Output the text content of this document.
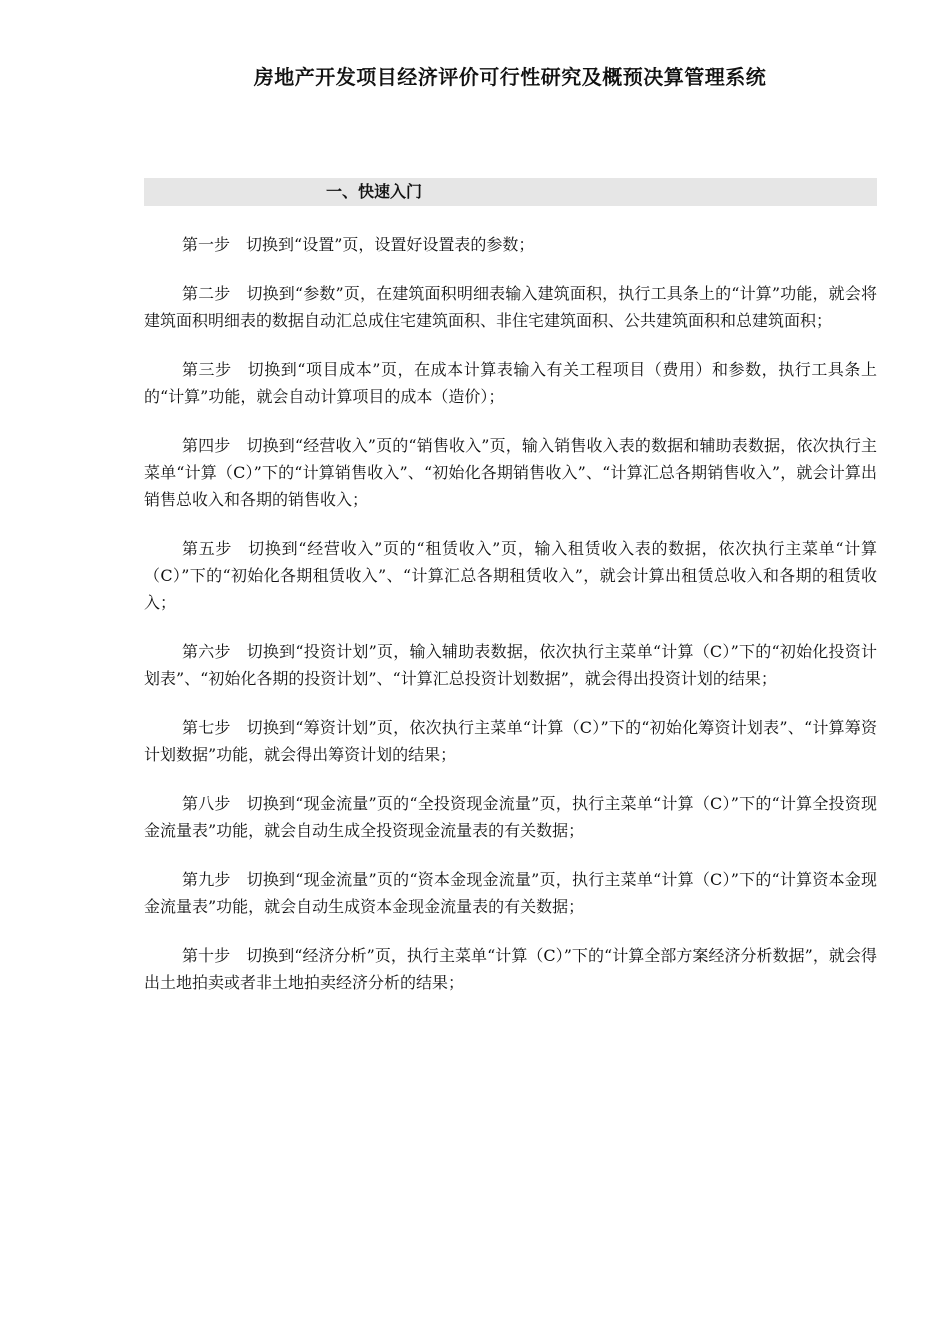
房地产开发项目经济评价可行性研究及概预决算管理系统
一、快速入门

第一步 切换到“设置”页，设置好设置表的参数；

第二步 切换到“参数”页，在建筑面积明细表输入建筑面积，执行工具条上的“计算”功能，就会将建筑面积明细表的数据自动汇总成住宅建筑面积、非住宅建筑面积、公共建筑面积和总建筑面积；

第三步 切换到“项目成本”页，在成本计算表输入有关工程项目（费用）和参数，执行工具条上的“计算”功能，就会自动计算项目的成本（造价）；

第四步 切换到“经营收入”页的“销售收入”页，输入销售收入表的数据和辅助表数据，依次执行主菜单“计算（C）”下的“计算销售收入”、“初始化各期销售收入”、“计算汇总各期销售收入”，就会计算出销售总收入和各期的销售收入；

第五步 切换到“经营收入”页的“租赁收入”页，输入租赁收入表的数据，依次执行主菜单“计算（C）”下的“初始化各期租赁收入”、“计算汇总各期租赁收入”，就会计算出租赁总收入和各期的租赁收入；

第六步 切换到“投资计划”页，输入辅助表数据，依次执行主菜单“计算（C）”下的“初始化投资计划表”、“初始化各期的投资计划”、“计算汇总投资计划数据”，就会得出投资计划的结果；

第七步 切换到“筹资计划”页，依次执行主菜单“计算（C）”下的“初始化筹资计划表”、“计算筹资计划数据”功能，就会得出筹资计划的结果；

第八步 切换到“现金流量”页的“全投资现金流量”页，执行主菜单“计算（C）”下的“计算全投资现金流量表”功能，就会自动生成全投资现金流量表的有关数据；

第九步 切换到“现金流量”页的“资本金现金流量”页，执行主菜单“计算（C）”下的“计算资本金现金流量表”功能，就会自动生成资本金现金流量表的有关数据；

第十步 切换到“经济分析”页，执行主菜单“计算（C）”下的“计算全部方案经济分析数据”，就会得出土地拍卖或者非土地拍卖经济分析的结果；
